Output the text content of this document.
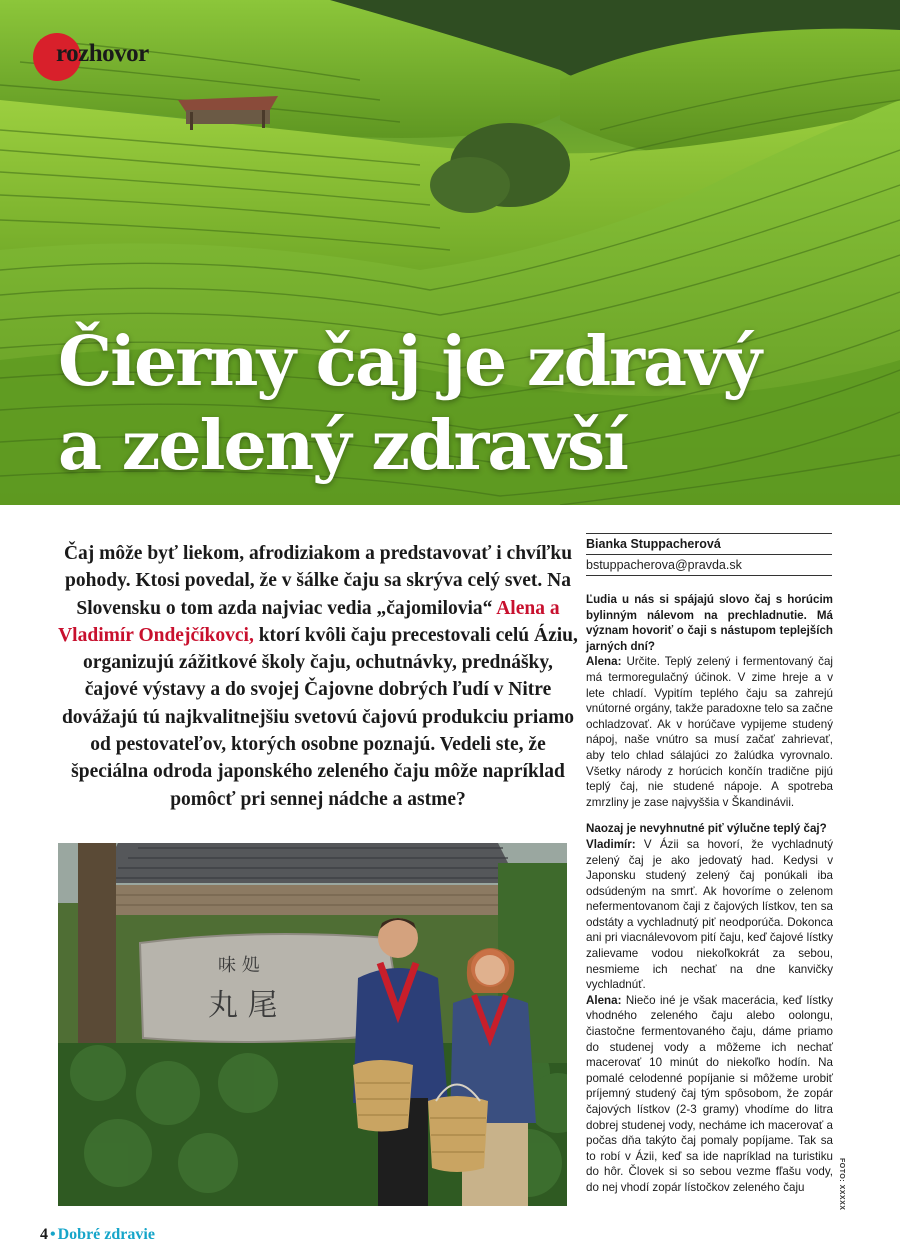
rozhovor
Čierny čaj je zdravý
a zelený zdravší

Čaj môže byť liekom, afrodiziakom a predstavovať i chvíľku pohody. Ktosi povedal, že v šálke čaju sa skrýva celý svet. Na Slovensku o tom azda najviac vedia „čajomilovia“ Alena a Vladimír Ondejčíkovci, ktorí kvôli čaju precestovali celú Áziu, organizujú zážitkové školy čaju, ochutnávky, prednášky, čajové výstavy a do svojej Čajovne dobrých ľudí v Nitre dovážajú tú najkvalitnejšiu svetovú čajovú produkciu priamo od pestovateľov, ktorých osobne poznajú. Vedeli ste, že špeciálna odroda japonského zeleného čaju môže napríklad pomôcť pri sennej nádche a astme?

味 処
丸 尾
Bianka Stuppacherová
bstuppacherova@pravda.sk

Ľudia u nás si spájajú slovo čaj s horúcim bylinným nálevom na prechladnutie. Má význam hovoriť o čaji s nástupom teplejších jarných dní?

Alena: Určite. Teplý zelený i fermentovaný čaj má termoregulačný účinok. V zime hreje a v lete chladí. Vypitím teplého čaju sa zahrejú vnútorné orgány, takže paradoxne telo sa začne ochladzovať. Ak v horúčave vypijeme studený nápoj, naše vnútro sa musí začať zahrievať, aby telo chlad sálajúci zo žalúdka vyrovnalo. Všetky národy z horúcich končín tradične pijú teplý čaj, nie studené nápoje. A spotreba zmrzliny je zase najvyššia v Škandinávii.

Naozaj je nevyhnutné piť výlučne teplý čaj?

Vladimír: V Ázii sa hovorí, že vychladnutý zelený čaj je ako jedovatý had. Kedysi v Japonsku studený zelený čaj ponúkali iba odsúdeným na smrť. Ak hovoríme o zelenom nefermentovanom čaji z čajových lístkov, ten sa odstáty a vychladnutý piť neodporúča. Dokonca ani pri viacnálevovom pití čaju, keď čajové lístky zalievame vodou niekoľkokrát za sebou, nesmieme ich nechať na dne kanvičky vychladnúť.

Alena: Niečo iné je však macerácia, keď lístky vhodného zeleného čaju alebo oolongu, čiastočne fermentovaného čaju, dáme priamo do studenej vody a môžeme ich nechať macerovať 10 minút do niekoľko hodín. Na pomalé celodenné popíjanie si môžeme urobiť príjemný studený čaj tým spôsobom, že zopár čajových lístkov (2-3 gramy) vhodíme do litra dobrej studenej vody, necháme ich macerovať a počas dňa takýto čaj pomaly popíjame. Tak sa to robí v Ázii, keď sa ide napríklad na turistiku do hôr. Človek si so sebou vezme fľašu vody, do nej vhodí zopár lístočkov zeleného čaju	FOTO: XXXXX
4 • Dobré zdravie
